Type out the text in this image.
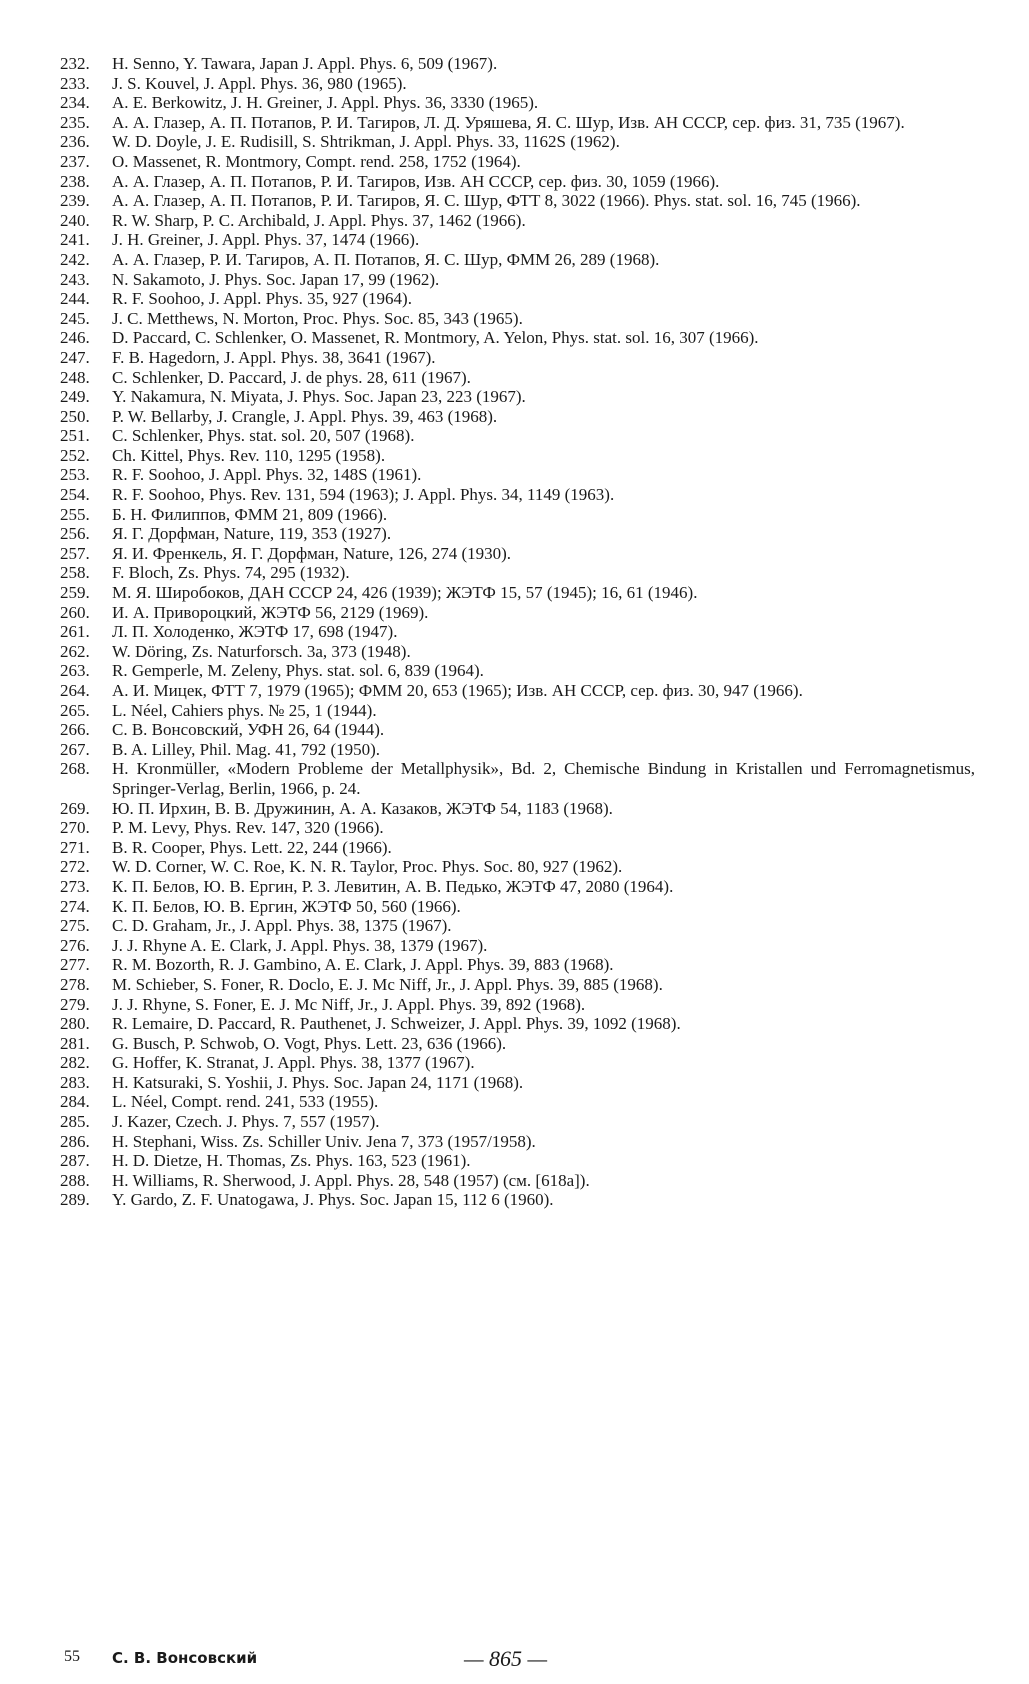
232.	H. Senno, Y. Tawara, Japan J. Appl. Phys. 6, 509 (1967).
233.	J. S. Kouvel, J. Appl. Phys. 36, 980 (1965).
234.	A. E. Berkowitz, J. H. Greiner, J. Appl. Phys. 36, 3330 (1965).
235.	А. А. Глазер, А. П. Потапов, Р. И. Тагиров, Л. Д. Уряшева, Я. С. Шур, Изв. АН СССР, сер. физ. 31, 735 (1967).
236.	W. D. Doyle, J. E. Rudisill, S. Shtrikman, J. Appl. Phys. 33, 1162S (1962).
237.	O. Massenet, R. Montmory, Compt. rend. 258, 1752 (1964).
238.	А. А. Глазер, А. П. Потапов, Р. И. Тагиров, Изв. АН СССР, сер. физ. 30, 1059 (1966).
239.	А. А. Глазер, А. П. Потапов, Р. И. Тагиров, Я. С. Шур, ФТТ 8, 3022 (1966). Phys. stat. sol. 16, 745 (1966).
240.	R. W. Sharp, P. C. Archibald, J. Appl. Phys. 37, 1462 (1966).
241.	J. H. Greiner, J. Appl. Phys. 37, 1474 (1966).
242.	А. А. Глазер, Р. И. Тагиров, А. П. Потапов, Я. С. Шур, ФММ 26, 289 (1968).
243.	N. Sakamoto, J. Phys. Soc. Japan 17, 99 (1962).
244.	R. F. Soohoo, J. Appl. Phys. 35, 927 (1964).
245.	J. C. Metthews, N. Morton, Proc. Phys. Soc. 85, 343 (1965).
246.	D. Paccard, C. Schlenker, O. Massenet, R. Montmory, A. Yelon, Phys. stat. sol. 16, 307 (1966).
247.	F. B. Hagedorn, J. Appl. Phys. 38, 3641 (1967).
248.	C. Schlenker, D. Paccard, J. de phys. 28, 611 (1967).
249.	Y. Nakamura, N. Miyata, J. Phys. Soc. Japan 23, 223 (1967).
250.	P. W. Bellarby, J. Crangle, J. Appl. Phys. 39, 463 (1968).
251.	C. Schlenker, Phys. stat. sol. 20, 507 (1968).
252.	Ch. Kittel, Phys. Rev. 110, 1295 (1958).
253.	R. F. Soohoo, J. Appl. Phys. 32, 148S (1961).
254.	R. F. Soohoo, Phys. Rev. 131, 594 (1963); J. Appl. Phys. 34, 1149 (1963).
255.	Б. Н. Филиппов, ФММ 21, 809 (1966).
256.	Я. Г. Дорфман, Nature, 119, 353 (1927).
257.	Я. И. Френкель, Я. Г. Дорфман, Nature, 126, 274 (1930).
258.	F. Bloch, Zs. Phys. 74, 295 (1932).
259.	М. Я. Широбоков, ДАН СССР 24, 426 (1939); ЖЭТФ 15, 57 (1945); 16, 61 (1946).
260.	И. А. Привороцкий, ЖЭТФ 56, 2129 (1969).
261.	Л. П. Холоденко, ЖЭТФ 17, 698 (1947).
262.	W. Döring, Zs. Naturforsch. 3a, 373 (1948).
263.	R. Gemperle, M. Zeleny, Phys. stat. sol. 6, 839 (1964).
264.	А. И. Мицек, ФТТ 7, 1979 (1965); ФММ 20, 653 (1965); Изв. АН СССР, сер. физ. 30, 947 (1966).
265.	L. Néel, Cahiers phys. № 25, 1 (1944).
266.	С. В. Вонсовский, УФН 26, 64 (1944).
267.	B. A. Lilley, Phil. Mag. 41, 792 (1950).
268.	H. Kronmüller, «Modern Probleme der Metallphysik», Bd. 2, Chemische Bindung in Kristallen und Ferromagnetismus, Springer-Verlag, Berlin, 1966, p. 24.
269.	Ю. П. Ирхин, В. В. Дружинин, А. А. Казаков, ЖЭТФ 54, 1183 (1968).
270.	P. M. Levy, Phys. Rev. 147, 320 (1966).
271.	B. R. Cooper, Phys. Lett. 22, 244 (1966).
272.	W. D. Corner, W. C. Roe, K. N. R. Taylor, Proc. Phys. Soc. 80, 927 (1962).
273.	К. П. Белов, Ю. В. Ергин, Р. З. Левитин, А. В. Педько, ЖЭТФ 47, 2080 (1964).
274.	К. П. Белов, Ю. В. Ергин, ЖЭТФ 50, 560 (1966).
275.	C. D. Graham, Jr., J. Appl. Phys. 38, 1375 (1967).
276.	J. J. Rhyne A. E. Clark, J. Appl. Phys. 38, 1379 (1967).
277.	R. M. Bozorth, R. J. Gambino, A. E. Clark, J. Appl. Phys. 39, 883 (1968).
278.	M. Schieber, S. Foner, R. Doclo, E. J. Mc Niff, Jr., J. Appl. Phys. 39, 885 (1968).
279.	J. J. Rhyne, S. Foner, E. J. Mc Niff, Jr., J. Appl. Phys. 39, 892 (1968).
280.	R. Lemaire, D. Paccard, R. Pauthenet, J. Schweizer, J. Appl. Phys. 39, 1092 (1968).
281.	G. Busch, P. Schwob, O. Vogt, Phys. Lett. 23, 636 (1966).
282.	G. Hoffer, K. Stranat, J. Appl. Phys. 38, 1377 (1967).
283.	H. Katsuraki, S. Yoshii, J. Phys. Soc. Japan 24, 1171 (1968).
284.	L. Néel, Compt. rend. 241, 533 (1955).
285.	J. Kazer, Czech. J. Phys. 7, 557 (1957).
286.	H. Stephani, Wiss. Zs. Schiller Univ. Jena 7, 373 (1957/1958).
287.	H. D. Dietze, H. Thomas, Zs. Phys. 163, 523 (1961).
288.	H. Williams, R. Sherwood, J. Appl. Phys. 28, 548 (1957) (см. [618a]).
289.	Y. Gardo, Z. F. Unatogawa, J. Phys. Soc. Japan 15, 112 6 (1960).
55 С. В. Вонсовский	— 865 —
